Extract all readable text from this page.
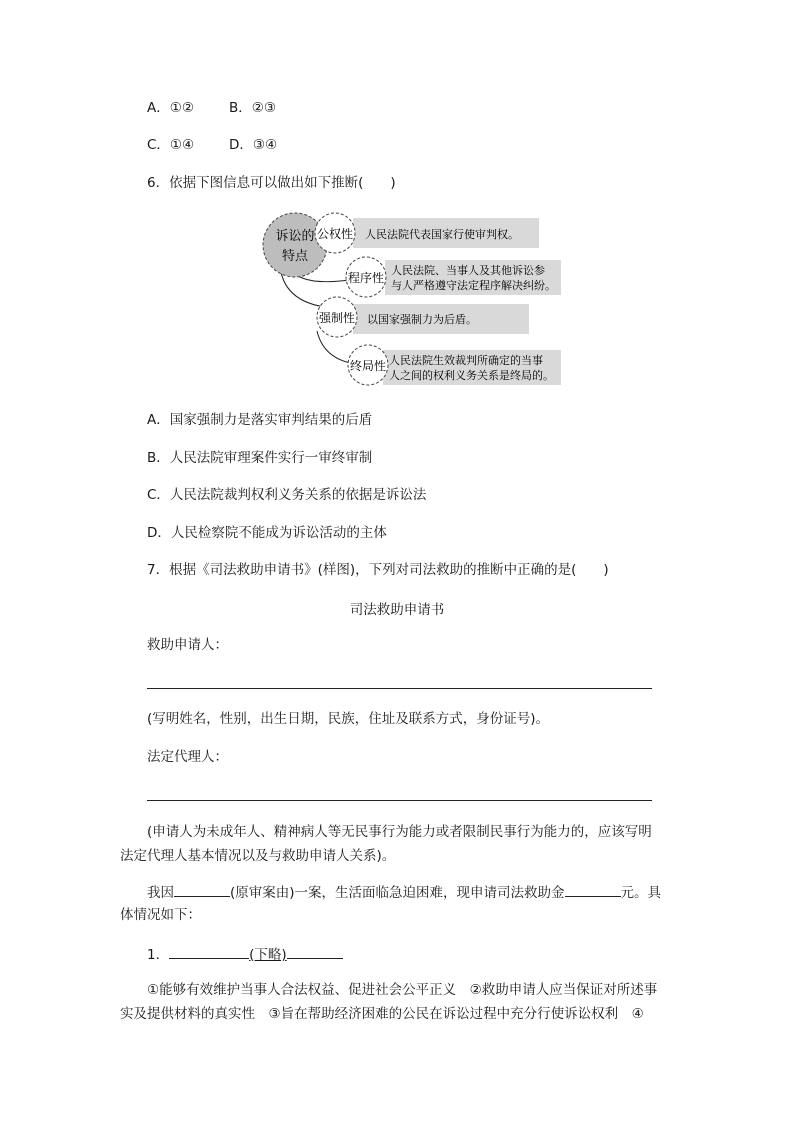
A．①②	B．②③
C．①④	D．③④
6．依据下图信息可以做出如下推断(　　)
诉讼的
特点
公权性
程序性
强制性
终局性
人民法院代表国家行使审判权。
人民法院、当事人及其他诉讼参
与人严格遵守法定程序解决纠纷。
以国家强制力为后盾。
人民法院生效裁判所确定的当事
人之间的权利义务关系是终局的。
A．国家强制力是落实审判结果的后盾
B．人民法院审理案件实行一审终审制
C．人民法院裁判权利义务关系的依据是诉讼法
D．人民检察院不能成为诉讼活动的主体
7．根据《司法救助申请书》(样图)，下列对司法救助的推断中正确的是(　　)
司法救助申请书
救助申请人：
(写明姓名，性别，出生日期，民族，住址及联系方式，身份证号)。
法定代理人：
(申请人为未成年人、精神病人等无民事行为能力或者限制民事行为能力的，应该写明
法定代理人基本情况以及与救助申请人关系)。
我因	(原审案由)一案，生活面临急迫困难，现申请司法救助金	元。具
体情况如下：
1．	(下略)
①能够有效维护当事人合法权益、促进社会公平正义　②救助申请人应当保证对所述事
实及提供材料的真实性　③旨在帮助经济困难的公民在诉讼过程中充分行使诉讼权利　④
